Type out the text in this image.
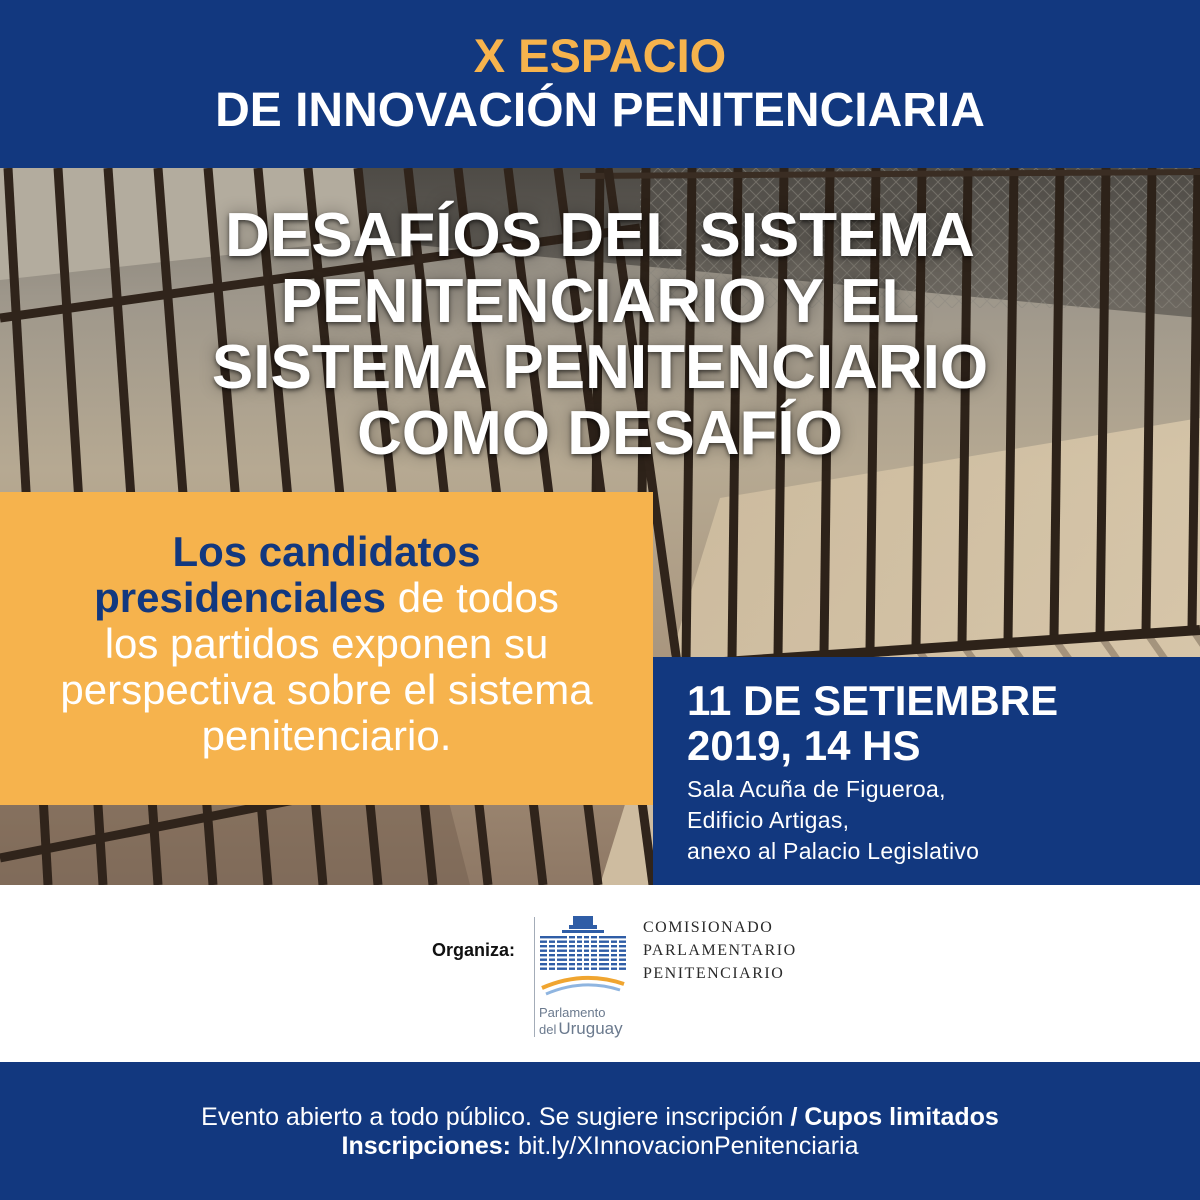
X ESPACIO
DE INNOVACIÓN PENITENCIARIA
DESAFÍOS DEL SISTEMA
PENITENCIARIO Y EL
SISTEMA PENITENCIARIO
COMO DESAFÍO
Los candidatos
presidenciales de todos
los partidos exponen su
perspectiva sobre el sistema
penitenciario.
11 DE SETIEMBRE
2019, 14 HS
Sala Acuña de Figueroa,
Edificio Artigas,
anexo al Palacio Legislativo
Organiza:
Parlamento
del Uruguay
COMISIONADO
PARLAMENTARIO
PENITENCIARIO
Evento abierto a todo público. Se sugiere inscripción / Cupos limitados
Inscripciones: bit.ly/XInnovacionPenitenciaria
